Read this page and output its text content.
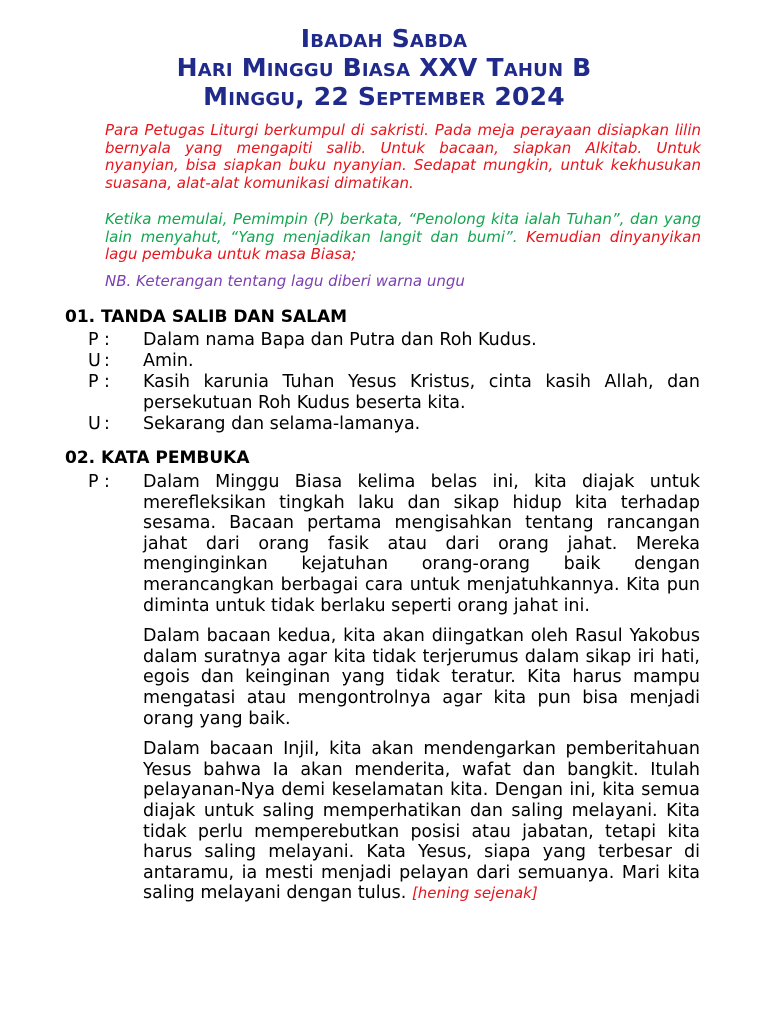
Ibadah Sabda
Hari Minggu Biasa XXV Tahun B
Minggu, 22 September 2024

Para Petugas Liturgi berkumpul di sakristi. Pada meja perayaan disiapkan lilin bernyala yang mengapiti salib. Untuk bacaan, siapkan Alkitab. Untuk nyanyian, bisa siapkan buku nyanyian. Sedapat mungkin, untuk kekhusukan suasana, alat-alat komunikasi dimatikan.

Ketika memulai, Pemimpin (P) berkata, “Penolong kita ialah Tuhan”, dan yang lain menyahut, “Yang menjadikan langit dan bumi”. Kemudian dinyanyikan lagu pembuka untuk masa Biasa;

NB. Keterangan tentang lagu diberi warna ungu

01. TANDA SALIB DAN SALAM
P :	Dalam nama Bapa dan Putra dan Roh Kudus.
U :	Amin.
P :	Kasih karunia Tuhan Yesus Kristus, cinta kasih Allah, dan persekutuan Roh Kudus beserta kita.
U :	Sekarang dan selama-lamanya.
02. KATA PEMBUKA
P :	Dalam Minggu Biasa kelima belas ini, kita diajak untuk merefleksikan tingkah laku dan sikap hidup kita terhadap sesama. Bacaan pertama mengisahkan tentang rancangan jahat dari orang fasik atau dari orang jahat. Mereka menginginkan kejatuhan orang-orang baik dengan merancangkan berbagai cara untuk menjatuhkannya. Kita pun diminta untuk tidak berlaku seperti orang jahat ini.

Dalam bacaan kedua, kita akan diingatkan oleh Rasul Yakobus dalam suratnya agar kita tidak terjerumus dalam sikap iri hati, egois dan keinginan yang tidak teratur. Kita harus mampu mengatasi atau mengontrolnya agar kita pun bisa menjadi orang yang baik.

Dalam bacaan Injil, kita akan mendengarkan pemberitahuan Yesus bahwa Ia akan menderita, wafat dan bangkit. Itulah pelayanan-Nya demi keselamatan kita. Dengan ini, kita semua diajak untuk saling memperhatikan dan saling melayani. Kita tidak perlu memperebutkan posisi atau jabatan, tetapi kita harus saling melayani. Kata Yesus, siapa yang terbesar di antaramu, ia mesti menjadi pelayan dari semuanya. Mari kita saling melayani dengan tulus. [hening sejenak]
